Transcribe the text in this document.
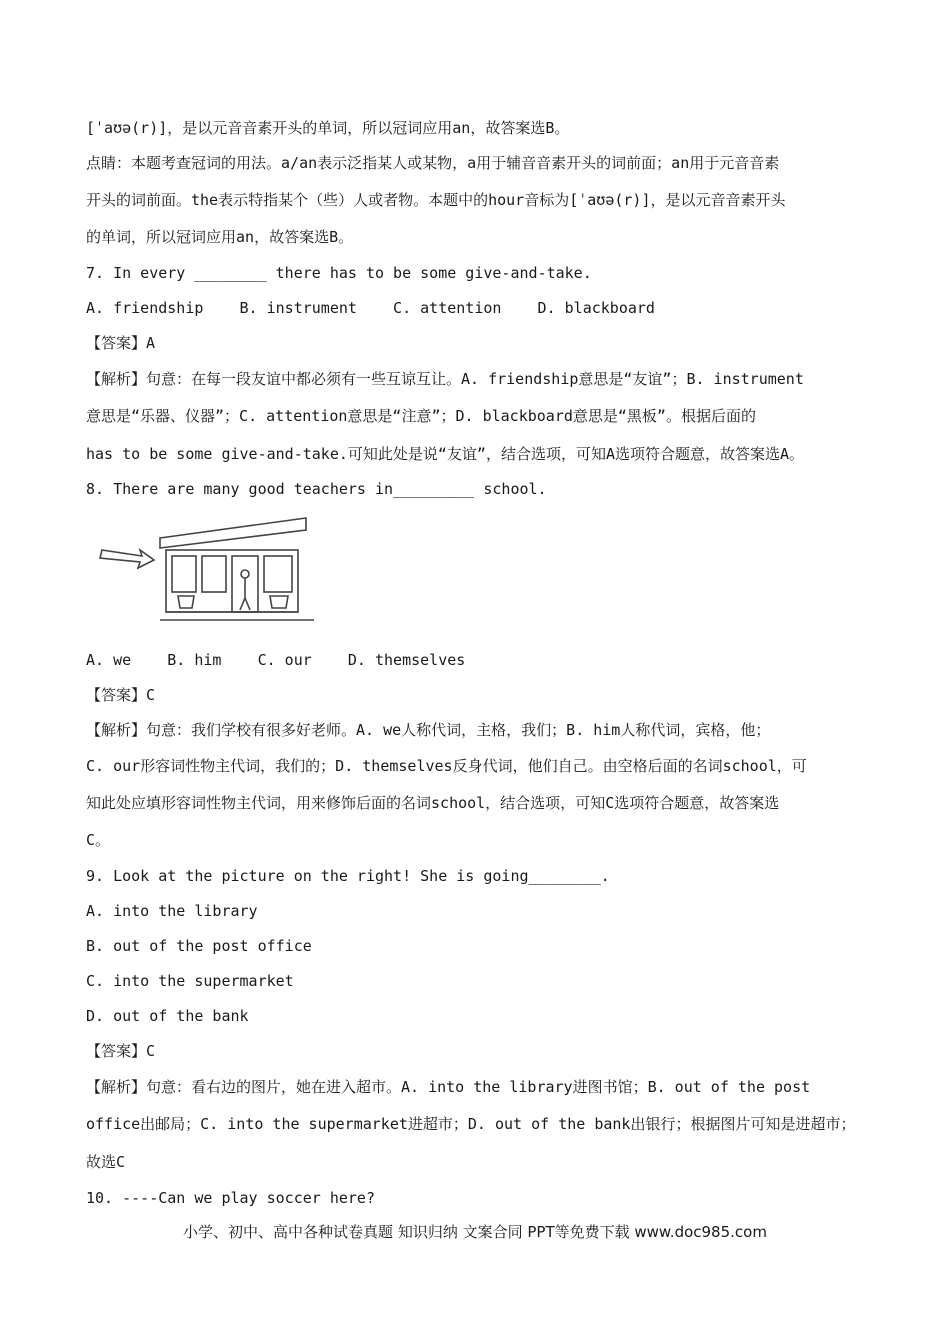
[ˈaʊə(r)]，是以元音音素开头的单词，所以冠词应用an，故答案选B。
点睛：本题考查冠词的用法。a/an表示泛指某人或某物，a用于辅音音素开头的词前面；an用于元音音素
开头的词前面。the表示特指某个（些）人或者物。本题中的hour音标为[ˈaʊə(r)]，是以元音音素开头
的单词，所以冠词应用an，故答案选B。
7. In every ________ there has to be some give-and-take.
A. friendship    B. instrument    C. attention    D. blackboard
【答案】A
【解析】句意：在每一段友谊中都必须有一些互谅互让。A. friendship意思是“友谊”；B. instrument
意思是“乐器、仪器”；C. attention意思是“注意”；D. blackboard意思是“黑板”。根据后面的
has to be some give-and-take.可知此处是说“友谊”，结合选项，可知A选项符合题意，故答案选A。
8. There are many good teachers in_________ school.
A. we    B. him    C. our    D. themselves
【答案】C
【解析】句意：我们学校有很多好老师。A. we人称代词，主格，我们；B. him人称代词，宾格，他；
C. our形容词性物主代词，我们的；D. themselves反身代词，他们自己。由空格后面的名词school，可
知此处应填形容词性物主代词，用来修饰后面的名词school，结合选项，可知C选项符合题意，故答案选
C。
9. Look at the picture on the right! She is going________.
A. into the library
B. out of the post office
C. into the supermarket
D. out of the bank
【答案】C
【解析】句意：看右边的图片，她在进入超市。A. into the library进图书馆；B. out of the post
office出邮局；C. into the supermarket进超市；D. out of the bank出银行；根据图片可知是进超市；
故选C
10. ----Can we play soccer here?
小学、初中、高中各种试卷真题 知识归纳 文案合同 PPT等免费下载 www.doc985.com
